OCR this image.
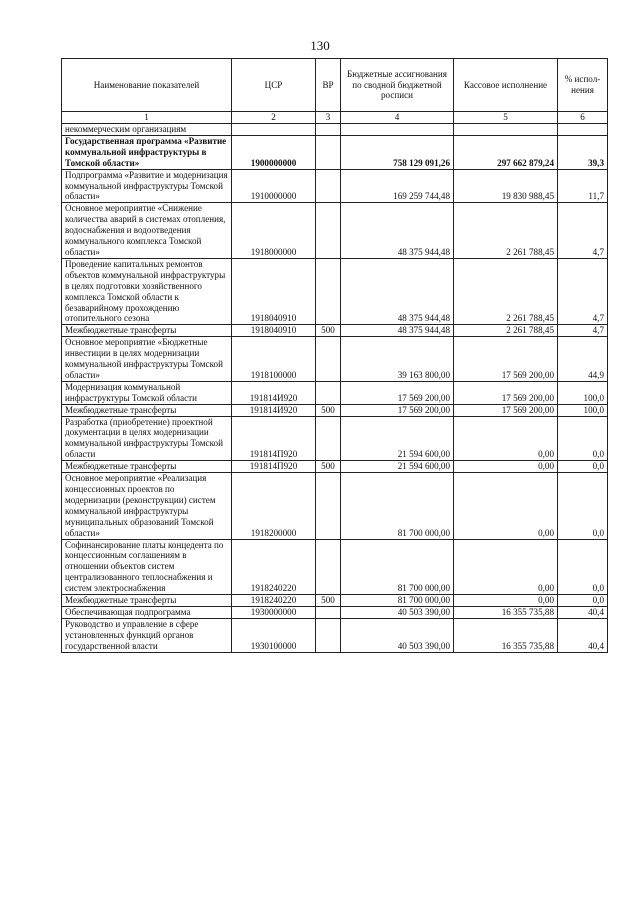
130
Наименование показателей	ЦСР	ВР	Бюджетные ассигнования по сводной бюджетной росписи	Кассовое исполнение	% испол-нения
1	2	3	4	5	6
некоммерческим организациям					
Государственная программа «Развитие коммунальной инфраструктуры в Томской области»	1900000000		758 129 091,26	297 662 879,24	39,3
Подпрограмма «Развитие и модернизация коммунальной инфраструктуры Томской области»	1910000000		169 259 744,48	19 830 988,45	11,7
Основное мероприятие «Снижение количества аварий в системах отопления, водоснабжения и водоотведения коммунального комплекса Томской области»	1918000000		48 375 944,48	2 261 788,45	4,7
Проведение капитальных ремонтов объектов коммунальной инфраструктуры в целях подготовки хозяйственного комплекса Томской области к безаварийному прохождению отопительного сезона	1918040910		48 375 944,48	2 261 788,45	4,7
Межбюджетные трансферты	1918040910	500	48 375 944,48	2 261 788,45	4,7
Основное мероприятие «Бюджетные инвестиции в целях модернизации коммунальной инфраструктуры Томской области»	1918100000		39 163 800,00	17 569 200,00	44,9
Модернизация коммунальной инфраструктуры Томской области	191814И920		17 569 200,00	17 569 200,00	100,0
Межбюджетные трансферты	191814И920	500	17 569 200,00	17 569 200,00	100,0
Разработка (приобретение) проектной документации в целях модернизации коммунальной инфраструктуры Томской области	191814П920		21 594 600,00	0,00	0,0
Межбюджетные трансферты	191814П920	500	21 594 600,00	0,00	0,0
Основное мероприятие «Реализация концессионных проектов по модернизации (реконструкции) систем коммунальной инфраструктуры муниципальных образований Томской области»	1918200000		81 700 000,00	0,00	0,0
Софинансирование платы концедента по концессионным соглашениям в отношении объектов систем централизованного теплоснабжения и систем электроснабжения	1918240220		81 700 000,00	0,00	0,0
Межбюджетные трансферты	1918240220	500	81 700 000,00	0,00	0,0
Обеспечивающая подпрограмма	1930000000		40 503 390,00	16 355 735,88	40,4
Руководство и управление в сфере установленных функций органов государственной власти	1930100000		40 503 390,00	16 355 735,88	40,4
